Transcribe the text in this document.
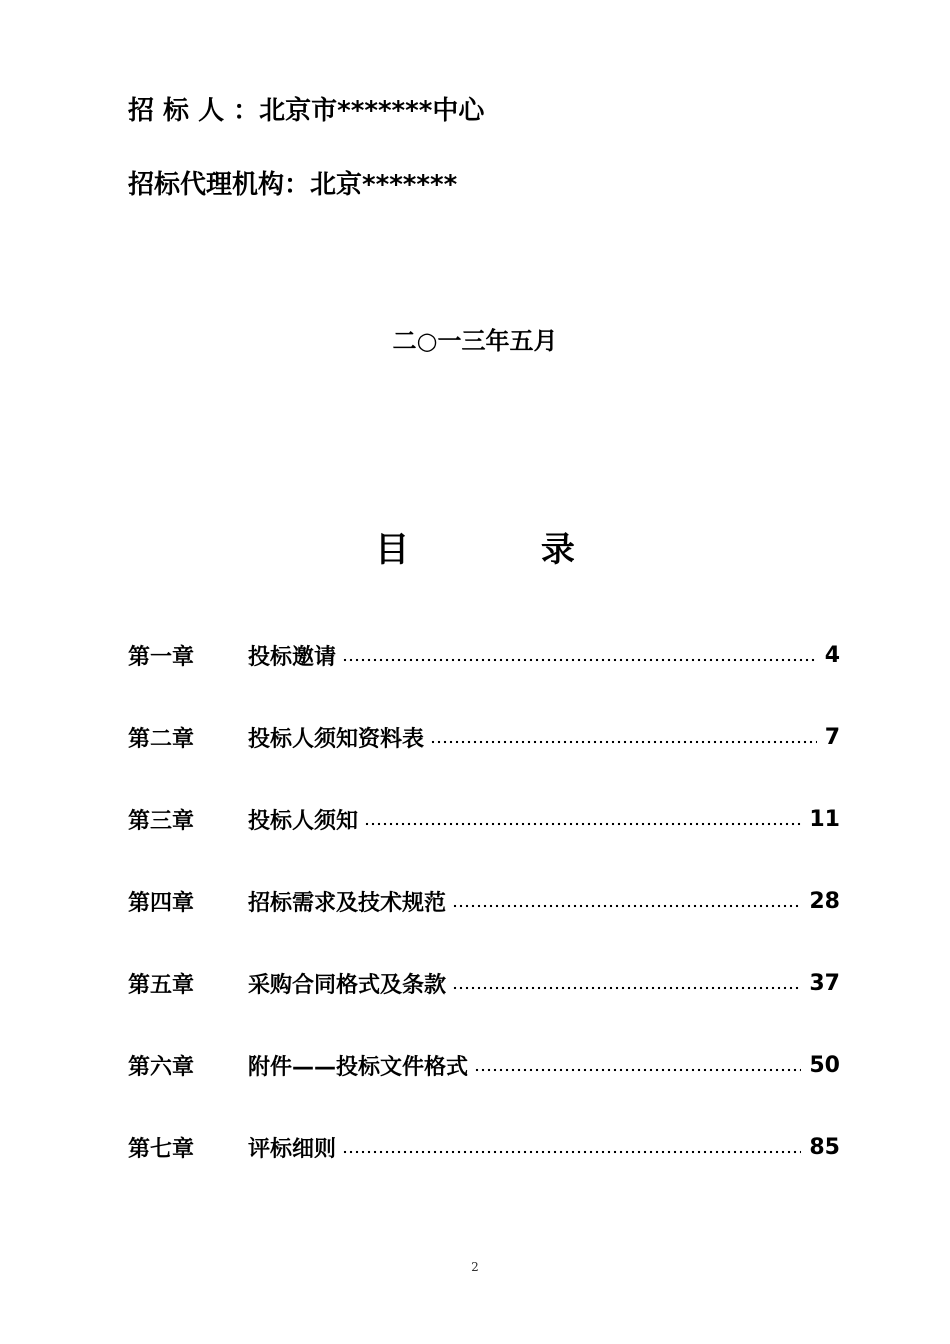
招 标 人 ：北京市*******中心
招标代理机构：北京*******
二○一三年五月
目 录
第一章	投标邀请	4
第二章	投标人须知资料表	7
第三章	投标人须知	11
第四章	招标需求及技术规范	28
第五章	采购合同格式及条款	37
第六章	附件——投标文件格式	50
第七章	评标细则	85
2
